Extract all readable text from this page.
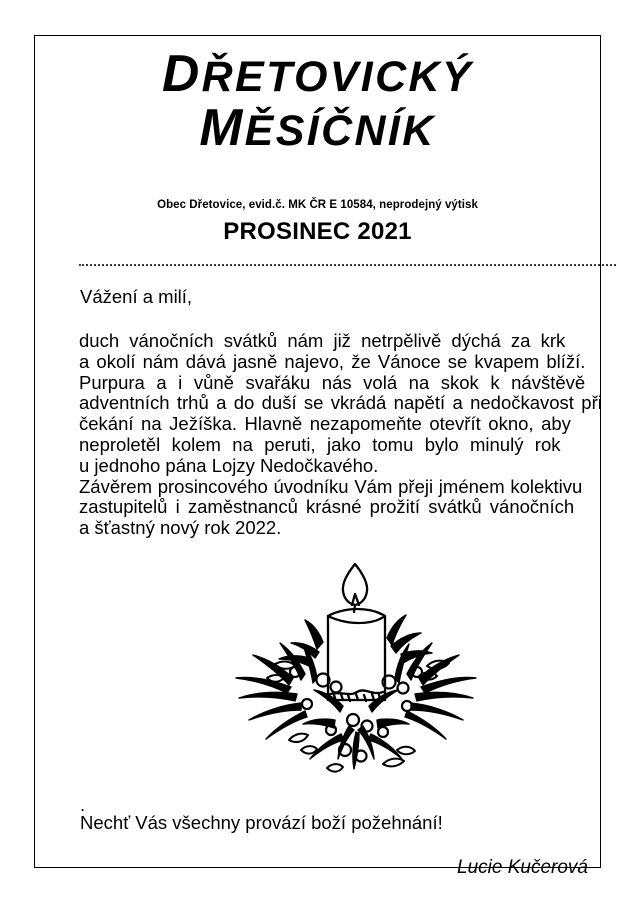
DŘETOVICKÝ
MĚSÍČNÍK
Obec Dřetovice, evid.č. MK ČR E 10584, neprodejný výtisk
PROSINEC 2021
Vážení a milí,
duch vánočních svátků nám již netrpělivě dýchá za krk
a okolí nám dává jasně najevo, že Vánoce se kvapem blíží.
Purpura a i vůně svařáku nás volá na skok k návštěvě
adventních trhů a do duší se vkrádá napětí a nedočkavost při
čekání na Ježíška. Hlavně nezapomeňte otevřít okno, aby
neproletěl kolem na peruti, jako tomu bylo minulý rok
u jednoho pána Lojzy Nedočkavého.
Závěrem prosincového úvodníku Vám přeji jménem kolektivu
zastupitelů i zaměstnanců krásné prožití svátků vánočních
a šťastný nový rok 2022.
.
Nechť Vás všechny provází boží požehnání!
Lucie Kučerová
